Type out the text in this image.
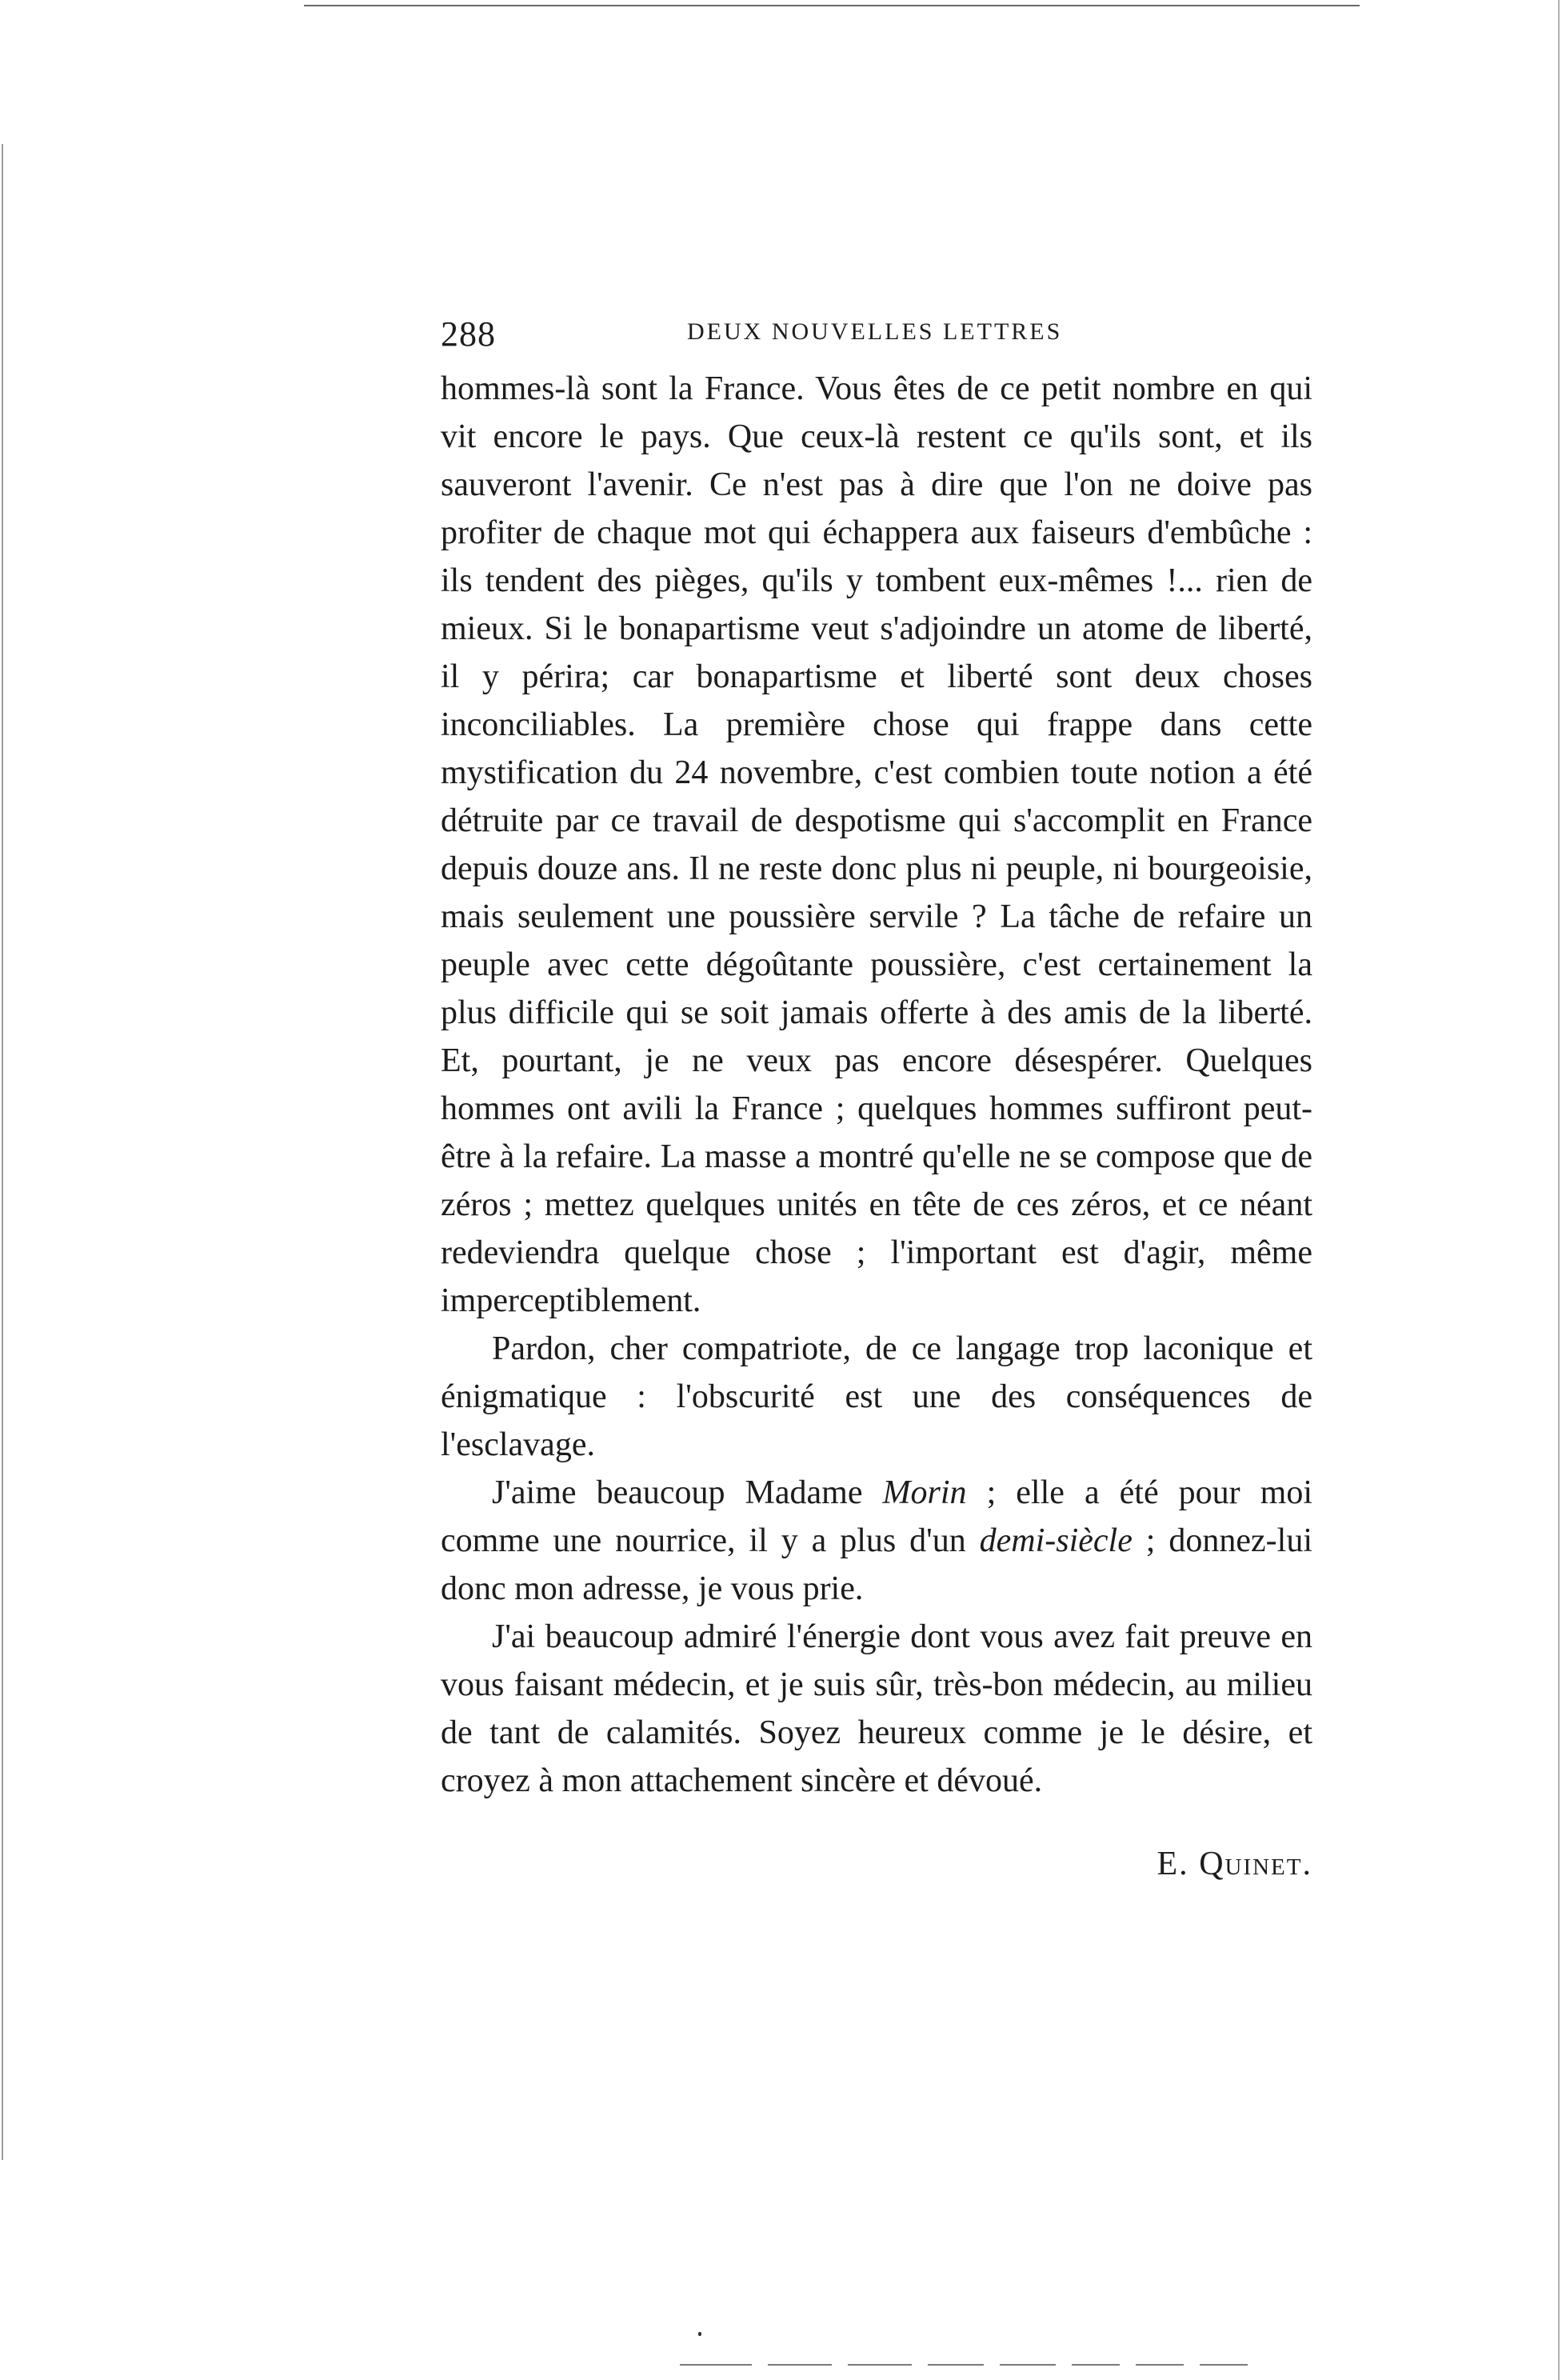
288	DEUX NOUVELLES LETTRES

hommes-là sont la France. Vous êtes de ce petit nombre en qui vit encore le pays. Que ceux-là restent ce qu'ils sont, et ils sauveront l'avenir. Ce n'est pas à dire que l'on ne doive pas profiter de chaque mot qui échappera aux faiseurs d'embûche : ils tendent des pièges, qu'ils y tombent eux-mêmes !... rien de mieux. Si le bonapartisme veut s'adjoindre un atome de liberté, il y périra; car bonapartisme et liberté sont deux choses inconciliables. La première chose qui frappe dans cette mystification du 24 novembre, c'est combien toute notion a été détruite par ce travail de despotisme qui s'accomplit en France depuis douze ans. Il ne reste donc plus ni peuple, ni bourgeoisie, mais seulement une poussière servile ? La tâche de refaire un peuple avec cette dégoûtante poussière, c'est certainement la plus difficile qui se soit jamais offerte à des amis de la liberté. Et, pourtant, je ne veux pas encore désespérer. Quelques hommes ont avili la France ; quelques hommes suffiront peut-être à la refaire. La masse a montré qu'elle ne se compose que de zéros ; mettez quelques unités en tête de ces zéros, et ce néant redeviendra quelque chose ; l'important est d'agir, même imperceptiblement.

Pardon, cher compatriote, de ce langage trop laconique et énigmatique : l'obscurité est une des conséquences de l'esclavage.

J'aime beaucoup Madame Morin ; elle a été pour moi comme une nourrice, il y a plus d'un demi-siècle ; donnez-lui donc mon adresse, je vous prie.

J'ai beaucoup admiré l'énergie dont vous avez fait preuve en vous faisant médecin, et je suis sûr, très-bon médecin, au milieu de tant de calamités. Soyez heureux comme je le désire, et croyez à mon attachement sincère et dévoué.

E. Quinet.
